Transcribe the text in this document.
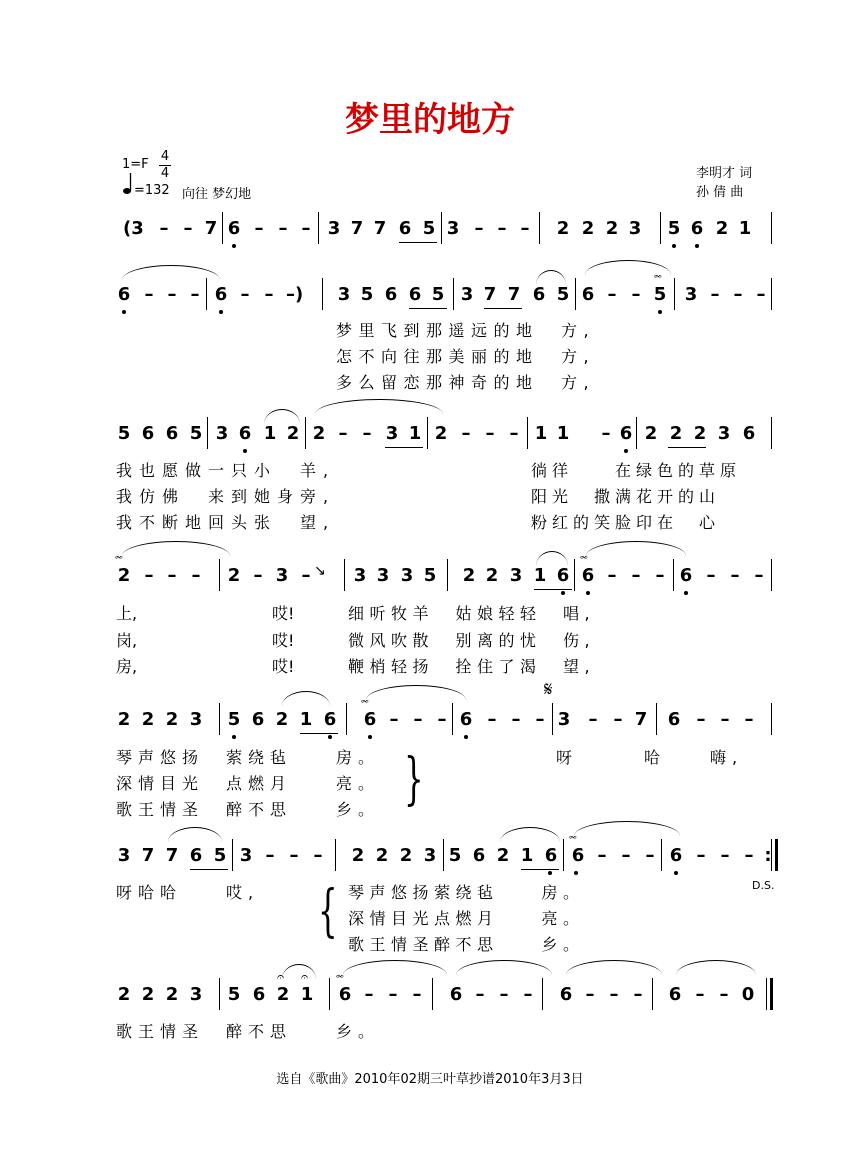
梦里的地方
1=F
4
4
=132 向往 梦幻地
李明才 词
孙 倩 曲
(3 – – 7 6 – – – 3 7 7 6 5 3 – – – 2 2 2 3 5 6 2 1
6 – – – 6 – – –) 3 5 6 6 5 3 7 7 6 5 6 – – 5 3 – – –
𝆗
梦里飞到那遥远的地　方,
怎不向往那美丽的地　方,
多么留恋那神奇的地　方,
5 6 6 5 3 6 1 2 2 – – 3 1 2 – – – 1 1 – 6 2 2 2 3 6
我也愿做一只小　羊,	徜徉　　在绿色的草原
我仿佛　来到她身旁,	阳光　撒满花开的山
我不断地回头张　望,	粉红的笑脸印在　心
2 – – – 2 – 3 – 3 3 3 5 2 2 3 1 6 6 – – – 6 – – –
𝆗	𝆗
↘
上,	哎!	细听牧羊　姑娘轻轻　唱,
岗,	哎!	微风吹散　别离的忧　伤,
房,	哎!	鞭梢轻扬　拴住了渴　望,
2 2 2 3 5 6 2 1 6 6 – – – 6 – – – 3 – – 7 6 – – –
𝆗	𝄋
琴声悠扬　萦绕毡　　房。	呀　　　哈　　嗨,
深情目光　点燃月　　亮。
歌王情圣　醉不思　　乡。 }
3 7 7 6 5 3 – – – 2 2 2 3 5 6 2 1 6 6 – – – 6 – – – :
𝆗
呀哈哈　　哎,	琴声悠扬萦绕毡　　房。	D.S.
深情目光点燃月　　亮。
歌王情圣醉不思　　乡。
{
2 2 2 3 5 6 2 1 6 – – – 6 – – – 6 – – – 6 – – 0
𝄐 𝄐 𝆗
歌王情圣　醉不思　　乡。
选自《歌曲》2010年02期三叶草抄谱2010年3月3日
